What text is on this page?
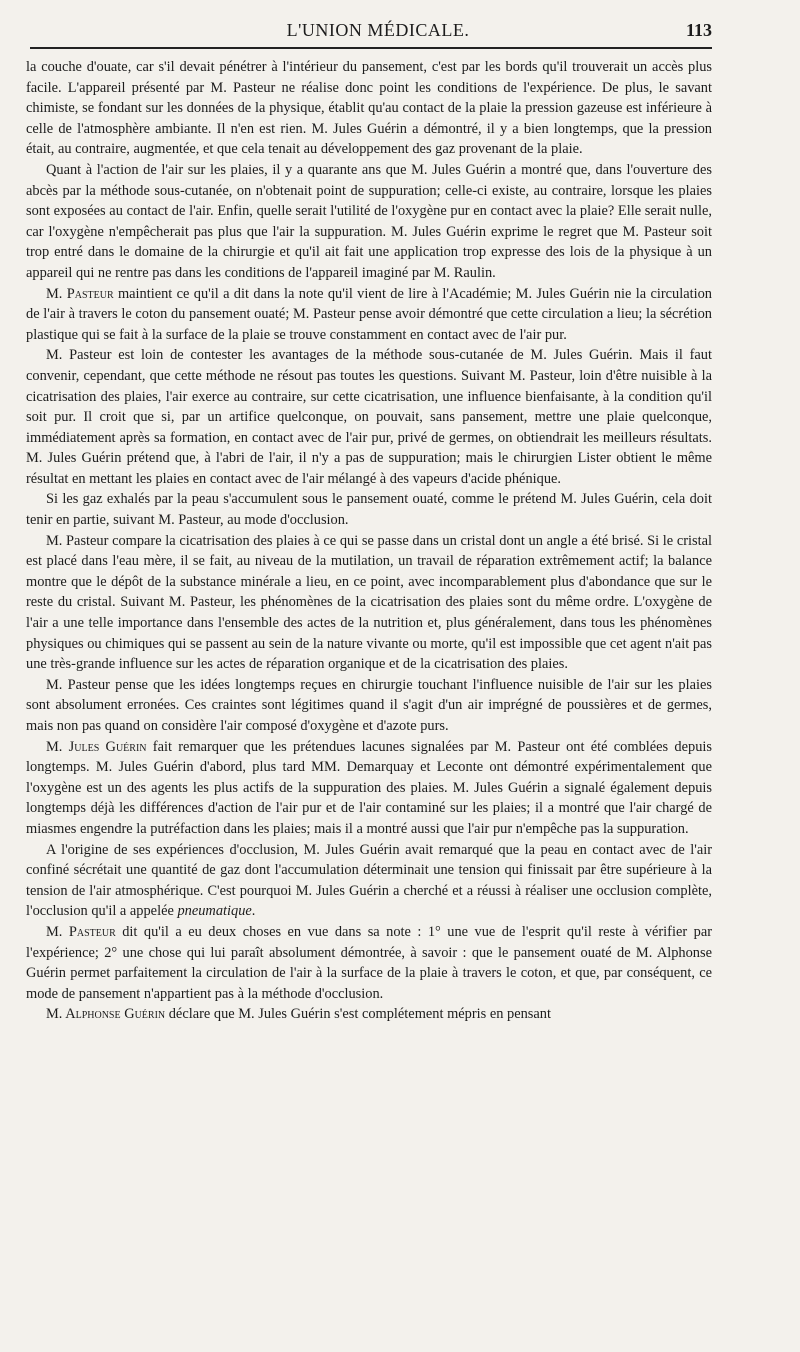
L'UNION MÉDICALE.	113

la couche d'ouate, car s'il devait pénétrer à l'intérieur du pansement, c'est par les bords qu'il trouverait un accès plus facile. L'appareil présenté par M. Pasteur ne réalise donc point les conditions de l'expérience. De plus, le savant chimiste, se fondant sur les données de la physique, établit qu'au contact de la plaie la pression gazeuse est inférieure à celle de l'atmosphère ambiante. Il n'en est rien. M. Jules Guérin a démontré, il y a bien longtemps, que la pression était, au contraire, augmentée, et que cela tenait au développement des gaz provenant de la plaie.

Quant à l'action de l'air sur les plaies, il y a quarante ans que M. Jules Guérin a montré que, dans l'ouverture des abcès par la méthode sous-cutanée, on n'obtenait point de suppuration; celle-ci existe, au contraire, lorsque les plaies sont exposées au contact de l'air. Enfin, quelle serait l'utilité de l'oxygène pur en contact avec la plaie? Elle serait nulle, car l'oxygène n'empêcherait pas plus que l'air la suppuration. M. Jules Guérin exprime le regret que M. Pasteur soit trop entré dans le domaine de la chirurgie et qu'il ait fait une application trop expresse des lois de la physique à un appareil qui ne rentre pas dans les conditions de l'appareil imaginé par M. Raulin.

M. Pasteur maintient ce qu'il a dit dans la note qu'il vient de lire à l'Académie; M. Jules Guérin nie la circulation de l'air à travers le coton du pansement ouaté; M. Pasteur pense avoir démontré que cette circulation a lieu; la sécrétion plastique qui se fait à la surface de la plaie se trouve constamment en contact avec de l'air pur.

M. Pasteur est loin de contester les avantages de la méthode sous-cutanée de M. Jules Guérin. Mais il faut convenir, cependant, que cette méthode ne résout pas toutes les questions. Suivant M. Pasteur, loin d'être nuisible à la cicatrisation des plaies, l'air exerce au contraire, sur cette cicatrisation, une influence bienfaisante, à la condition qu'il soit pur. Il croit que si, par un artifice quelconque, on pouvait, sans pansement, mettre une plaie quelconque, immédiatement après sa formation, en contact avec de l'air pur, privé de germes, on obtiendrait les meilleurs résultats. M. Jules Guérin prétend que, à l'abri de l'air, il n'y a pas de suppuration; mais le chirurgien Lister obtient le même résultat en mettant les plaies en contact avec de l'air mélangé à des vapeurs d'acide phénique.

Si les gaz exhalés par la peau s'accumulent sous le pansement ouaté, comme le prétend M. Jules Guérin, cela doit tenir en partie, suivant M. Pasteur, au mode d'occlusion.

M. Pasteur compare la cicatrisation des plaies à ce qui se passe dans un cristal dont un angle a été brisé. Si le cristal est placé dans l'eau mère, il se fait, au niveau de la mutilation, un travail de réparation extrêmement actif; la balance montre que le dépôt de la substance minérale a lieu, en ce point, avec incomparablement plus d'abondance que sur le reste du cristal. Suivant M. Pasteur, les phénomènes de la cicatrisation des plaies sont du même ordre. L'oxygène de l'air a une telle importance dans l'ensemble des actes de la nutrition et, plus généralement, dans tous les phénomènes physiques ou chimiques qui se passent au sein de la nature vivante ou morte, qu'il est impossible que cet agent n'ait pas une très-grande influence sur les actes de réparation organique et de la cicatrisation des plaies.

M. Pasteur pense que les idées longtemps reçues en chirurgie touchant l'influence nuisible de l'air sur les plaies sont absolument erronées. Ces craintes sont légitimes quand il s'agit d'un air imprégné de poussières et de germes, mais non pas quand on considère l'air composé d'oxygène et d'azote purs.

M. Jules Guérin fait remarquer que les prétendues lacunes signalées par M. Pasteur ont été comblées depuis longtemps. M. Jules Guérin d'abord, plus tard MM. Demarquay et Leconte ont démontré expérimentalement que l'oxygène est un des agents les plus actifs de la suppuration des plaies. M. Jules Guérin a signalé également depuis longtemps déjà les différences d'action de l'air pur et de l'air contaminé sur les plaies; il a montré que l'air chargé de miasmes engendre la putréfaction dans les plaies; mais il a montré aussi que l'air pur n'empêche pas la suppuration.

A l'origine de ses expériences d'occlusion, M. Jules Guérin avait remarqué que la peau en contact avec de l'air confiné sécrétait une quantité de gaz dont l'accumulation déterminait une tension qui finissait par être supérieure à la tension de l'air atmosphérique. C'est pourquoi M. Jules Guérin a cherché et a réussi à réaliser une occlusion complète, l'occlusion qu'il a appelée pneumatique.

M. Pasteur dit qu'il a eu deux choses en vue dans sa note : 1° une vue de l'esprit qu'il reste à vérifier par l'expérience; 2° une chose qui lui paraît absolument démontrée, à savoir : que le pansement ouaté de M. Alphonse Guérin permet parfaitement la circulation de l'air à la surface de la plaie à travers le coton, et que, par conséquent, ce mode de pansement n'appartient pas à la méthode d'occlusion.

M. Alphonse Guérin déclare que M. Jules Guérin s'est complétement mépris en pensant
